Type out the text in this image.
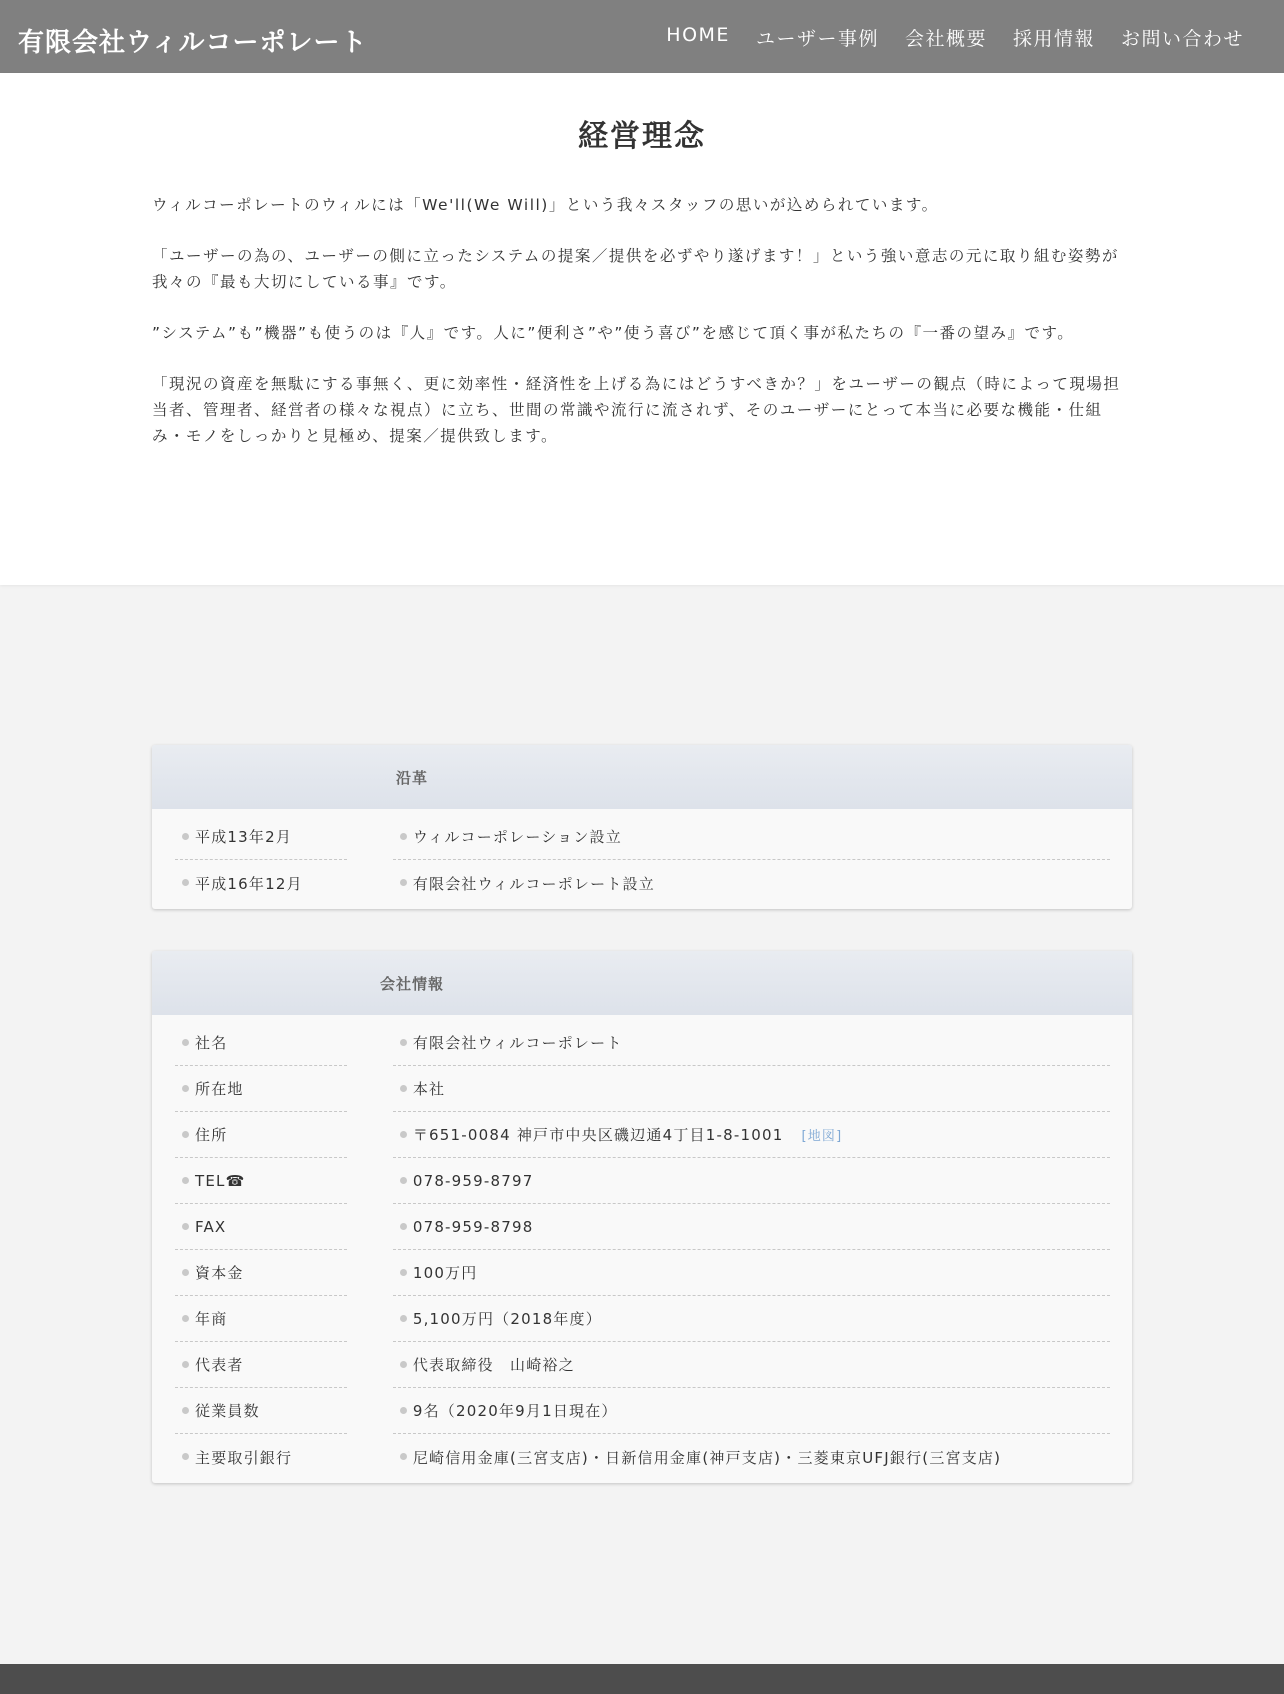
有限会社ウィルコーポレート	HOME ユーザー事例 会社概要 採用情報 お問い合わせ
経営理念

ウィルコーポレートのウィルには「We'll(We Will)」という我々スタッフの思いが込められています。

「ユーザーの為の、ユーザーの側に立ったシステムの提案／提供を必ずやり遂げます！」という強い意志の元に取り組む姿勢が我々の『最も大切にしている事』です。

”システム”も”機器”も使うのは『人』です。人に”便利さ”や”使う喜び”を感じて頂く事が私たちの『一番の望み』です。

「現況の資産を無駄にする事無く、更に効率性・経済性を上げる為にはどうすべきか？」をユーザーの観点（時によって現場担当者、管理者、経営者の様々な視点）に立ち、世間の常識や流行に流されず、そのユーザーにとって本当に必要な機能・仕組み・モノをしっかりと見極め、提案／提供致します。

沿革
平成13年2月	ウィルコーポレーション設立
平成16年12月	有限会社ウィルコーポレート設立
会社情報
社名	有限会社ウィルコーポレート
所在地	本社
住所	〒651-0084 神戸市中央区磯辺通4丁目1-8-1001 [地図]
TEL☎	078-959-8797
FAX	078-959-8798
資本金	100万円
年商	5,100万円（2018年度）
代表者	代表取締役　山崎裕之
従業員数	9名（2020年9月1日現在）
主要取引銀行	尼崎信用金庫(三宮支店)・日新信用金庫(神戸支店)・三菱東京UFJ銀行(三宮支店)
